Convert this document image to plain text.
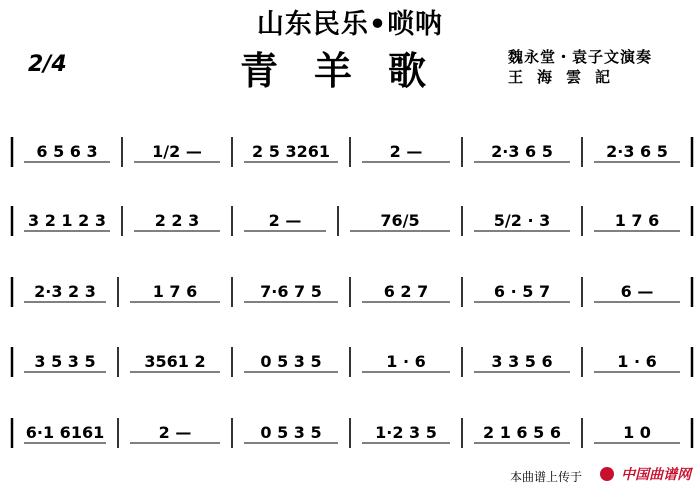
山东民乐•唢呐
2/4	青羊歌	魏永堂・袁子文演奏
王海雲記
6 5 6 3	1/2 —	2 5 3261	2 —	2·3 6 5	2·3 6 5
3 2 1 2 3	2 2 3	2 —	76/5	5/2 · 3	1 7 6
2·3 2 3	1 7 6	7·6 7 5	6 2 7	6 · 5 7	6 —
3 5 3 5	3561 2	0 5 3 5	1 · 6	3 3 5 6	1 · 6
6·1 6161	2 —	0 5 3 5	1·2 3 5	2 1 6 5 6	1 0
本曲谱上传于	中国曲谱网
